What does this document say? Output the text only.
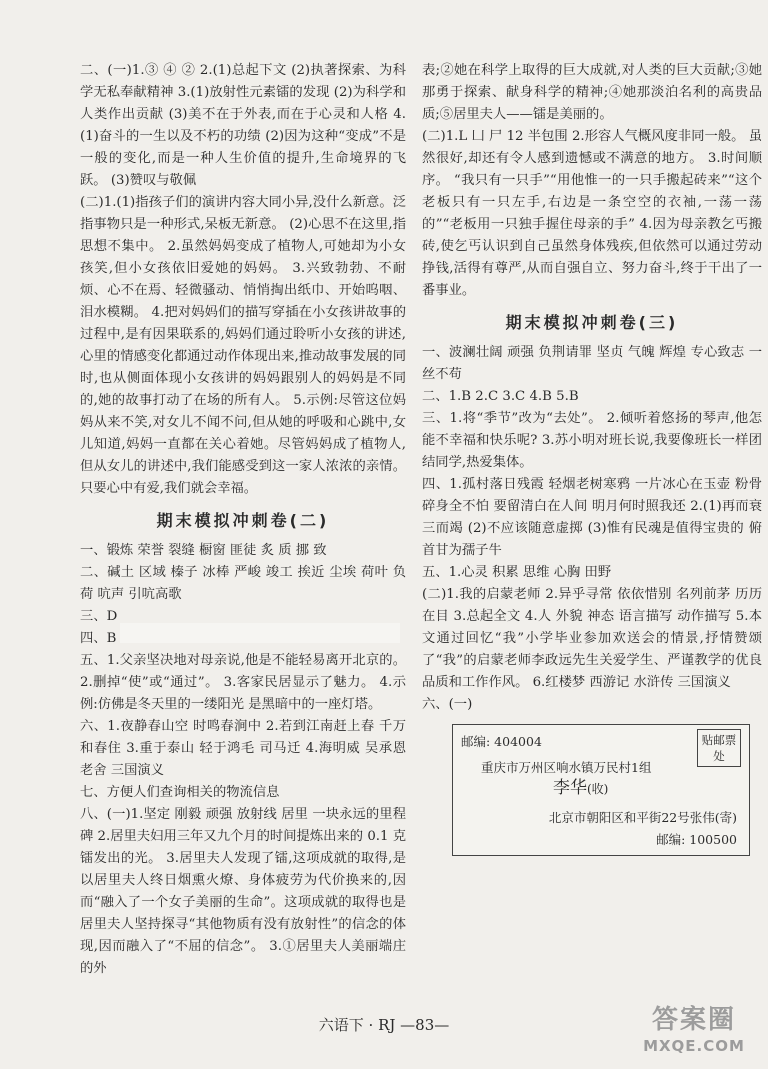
二、(一)1.③ ④ ② 2.(1)总起下文 (2)执著探索、为科学无私奉献精神 3.(1)放射性元素镭的发现 (2)为科学和人类作出贡献 (3)美不在于外表,而在于心灵和人格 4.(1)奋斗的一生以及不朽的功绩 (2)因为这种“变成”不是一般的变化,而是一种人生价值的提升,生命境界的飞跃。 (3)赞叹与敬佩

(二)1.(1)指孩子们的演讲内容大同小异,没什么新意。泛指事物只是一种形式,呆板无新意。 (2)心思不在这里,指思想不集中。 2.虽然妈妈变成了植物人,可她却为小女孩笑,但小女孩依旧爱她的妈妈。 3.兴致勃勃、不耐烦、心不在焉、轻微骚动、悄悄掏出纸巾、开始呜咽、泪水模糊。 4.把对妈妈们的描写穿插在小女孩讲故事的过程中,是有因果联系的,妈妈们通过聆听小女孩的讲述,心里的情感变化都通过动作体现出来,推动故事发展的同时,也从侧面体现小女孩讲的妈妈跟别人的妈妈是不同的,她的故事打动了在场的所有人。 5.示例:尽管这位妈妈从来不笑,对女儿不闻不问,但从她的呼吸和心跳中,女儿知道,妈妈一直都在关心着她。尽管妈妈成了植物人,但从女儿的讲述中,我们能感受到这一家人浓浓的亲情。只要心中有爱,我们就会幸福。

期末模拟冲刺卷(二)

一、锻炼 荣誉 裂缝 橱窗 匪徒 炙 质 挪 致

二、碱土 区域 榛子 冰棒 严峻 竣工 挨近 尘埃 荷叶 负荷 吭声 引吭高歌

三、D

四、B

五、1.父亲坚决地对母亲说,他是不能轻易离开北京的。 2.删掉“使”或“通过”。 3.客家民居显示了魅力。 4.示例:仿佛是冬天里的一缕阳光 是黑暗中的一座灯塔。

六、1.夜静春山空 时鸣春涧中 2.若到江南赶上春 千万和春住 3.重于泰山 轻于鸿毛 司马迁 4.海明威 吴承恩 老舍 三国演义

七、方便人们查询相关的物流信息

八、(一)1.坚定 刚毅 顽强 放射线 居里 一块永远的里程碑 2.居里夫妇用三年又九个月的时间提炼出来的 0.1 克镭发出的光。 3.居里夫人发现了镭,这项成就的取得,是以居里夫人终日烟熏火燎、身体疲劳为代价换来的,因而“融入了一个女子美丽的生命”。这项成就的取得也是居里夫人坚持探寻“其他物质有没有放射性”的信念的体现,因而融入了“不屈的信念”。 3.①居里夫人美丽端庄的外

表;②她在科学上取得的巨大成就,对人类的巨大贡献;③她那勇于探索、献身科学的精神;④她那淡泊名利的高贵品质;⑤居里夫人——镭是美丽的。

(二)1.L 凵 尸 12 半包围 2.形容人气概风度非同一般。 虽然很好,却还有令人感到遗憾或不满意的地方。 3.时间顺序。 “我只有一只手”“用他惟一的一只手搬起砖来”“这个老板只有一只左手,右边是一条空空的衣袖,一荡一荡的”“老板用一只独手握住母亲的手” 4.因为母亲教乞丐搬砖,使乞丐认识到自己虽然身体残疾,但依然可以通过劳动挣钱,活得有尊严,从而自强自立、努力奋斗,终于干出了一番事业。

期末模拟冲刺卷(三)

一、波澜壮阔 顽强 负荆请罪 坚贞 气魄 辉煌 专心致志 一丝不苟

二、1.B 2.C 3.C 4.B 5.B

三、1.将“季节”改为“去处”。 2.倾听着悠扬的琴声,他怎能不幸福和快乐呢? 3.苏小明对班长说,我要像班长一样团结同学,热爱集体。

四、1.孤村落日残霞 轻烟老树寒鸦 一片冰心在玉壶 粉骨碎身全不怕 要留清白在人间 明月何时照我还 2.(1)再而衰 三而竭 (2)不应该随意虚掷 (3)惟有民魂是值得宝贵的 俯首甘为孺子牛

五、1.心灵 积累 思维 心胸 田野

(二)1.我的启蒙老师 2.异乎寻常 依依惜别 名列前茅 历历在目 3.总起全文 4.人 外貌 神态 语言描写 动作描写 5.本文通过回忆“我”小学毕业参加欢送会的情景,抒情赞颂了“我”的启蒙老师李政远先生关爱学生、严谨教学的优良品质和工作作风。 6.红楼梦 西游记 水浒传 三国演义

六、(一)

邮编: 404004	贴邮票处
重庆市万州区响水镇万民村1组
李华(收)
北京市朝阳区和平街22号张伟(寄)
邮编: 100500
六语下 · RJ —83—	答案圈
MXQE.COM
